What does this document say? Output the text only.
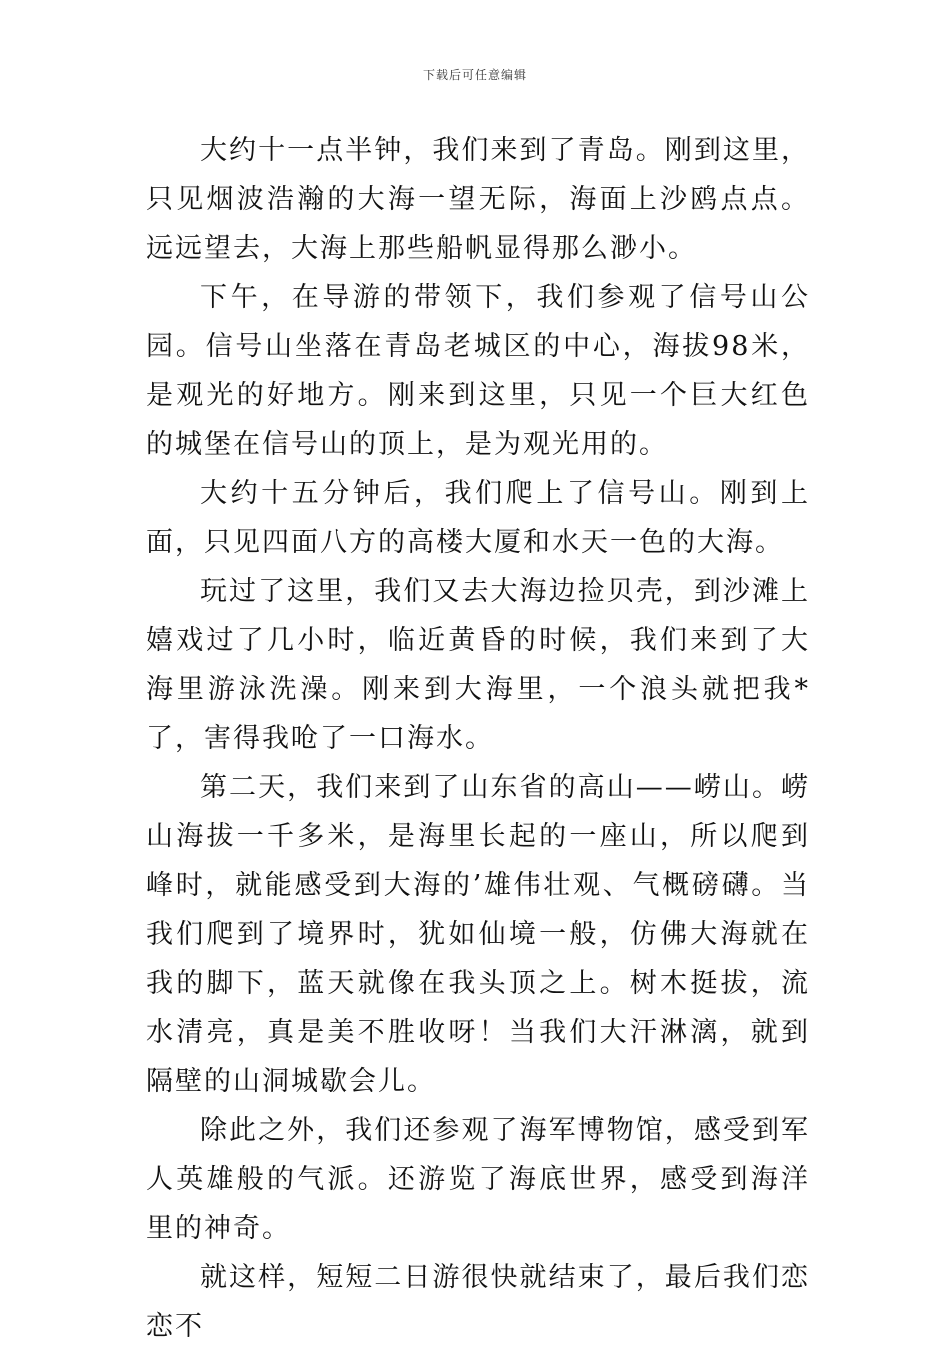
下载后可任意编辑

大约十一点半钟，我们来到了青岛。刚到这里，只见烟波浩瀚的大海一望无际，海面上沙鸥点点。远远望去，大海上那些船帆显得那么渺小。

下午，在导游的带领下，我们参观了信号山公园。信号山坐落在青岛老城区的中心，海拔98米，是观光的好地方。刚来到这里，只见一个巨大红色的城堡在信号山的顶上，是为观光用的。

大约十五分钟后，我们爬上了信号山。刚到上面，只见四面八方的高楼大厦和水天一色的大海。

玩过了这里，我们又去大海边捡贝壳，到沙滩上嬉戏过了几小时，临近黄昏的时候，我们来到了大海里游泳洗澡。刚来到大海里，一个浪头就把我*了，害得我呛了一口海水。

第二天，我们来到了山东省的高山——崂山。崂山海拔一千多米，是海里长起的一座山，所以爬到峰时，就能感受到大海的’雄伟壮观、气概磅礴。当我们爬到了境界时，犹如仙境一般，仿佛大海就在我的脚下，蓝天就像在我头顶之上。树木挺拔，流水清亮，真是美不胜收呀！当我们大汗淋漓，就到隔壁的山洞城歇会儿。

除此之外，我们还参观了海军博物馆，感受到军人英雄般的气派。还游览了海底世界，感受到海洋里的神奇。

就这样，短短二日游很快就结束了，最后我们恋恋不
